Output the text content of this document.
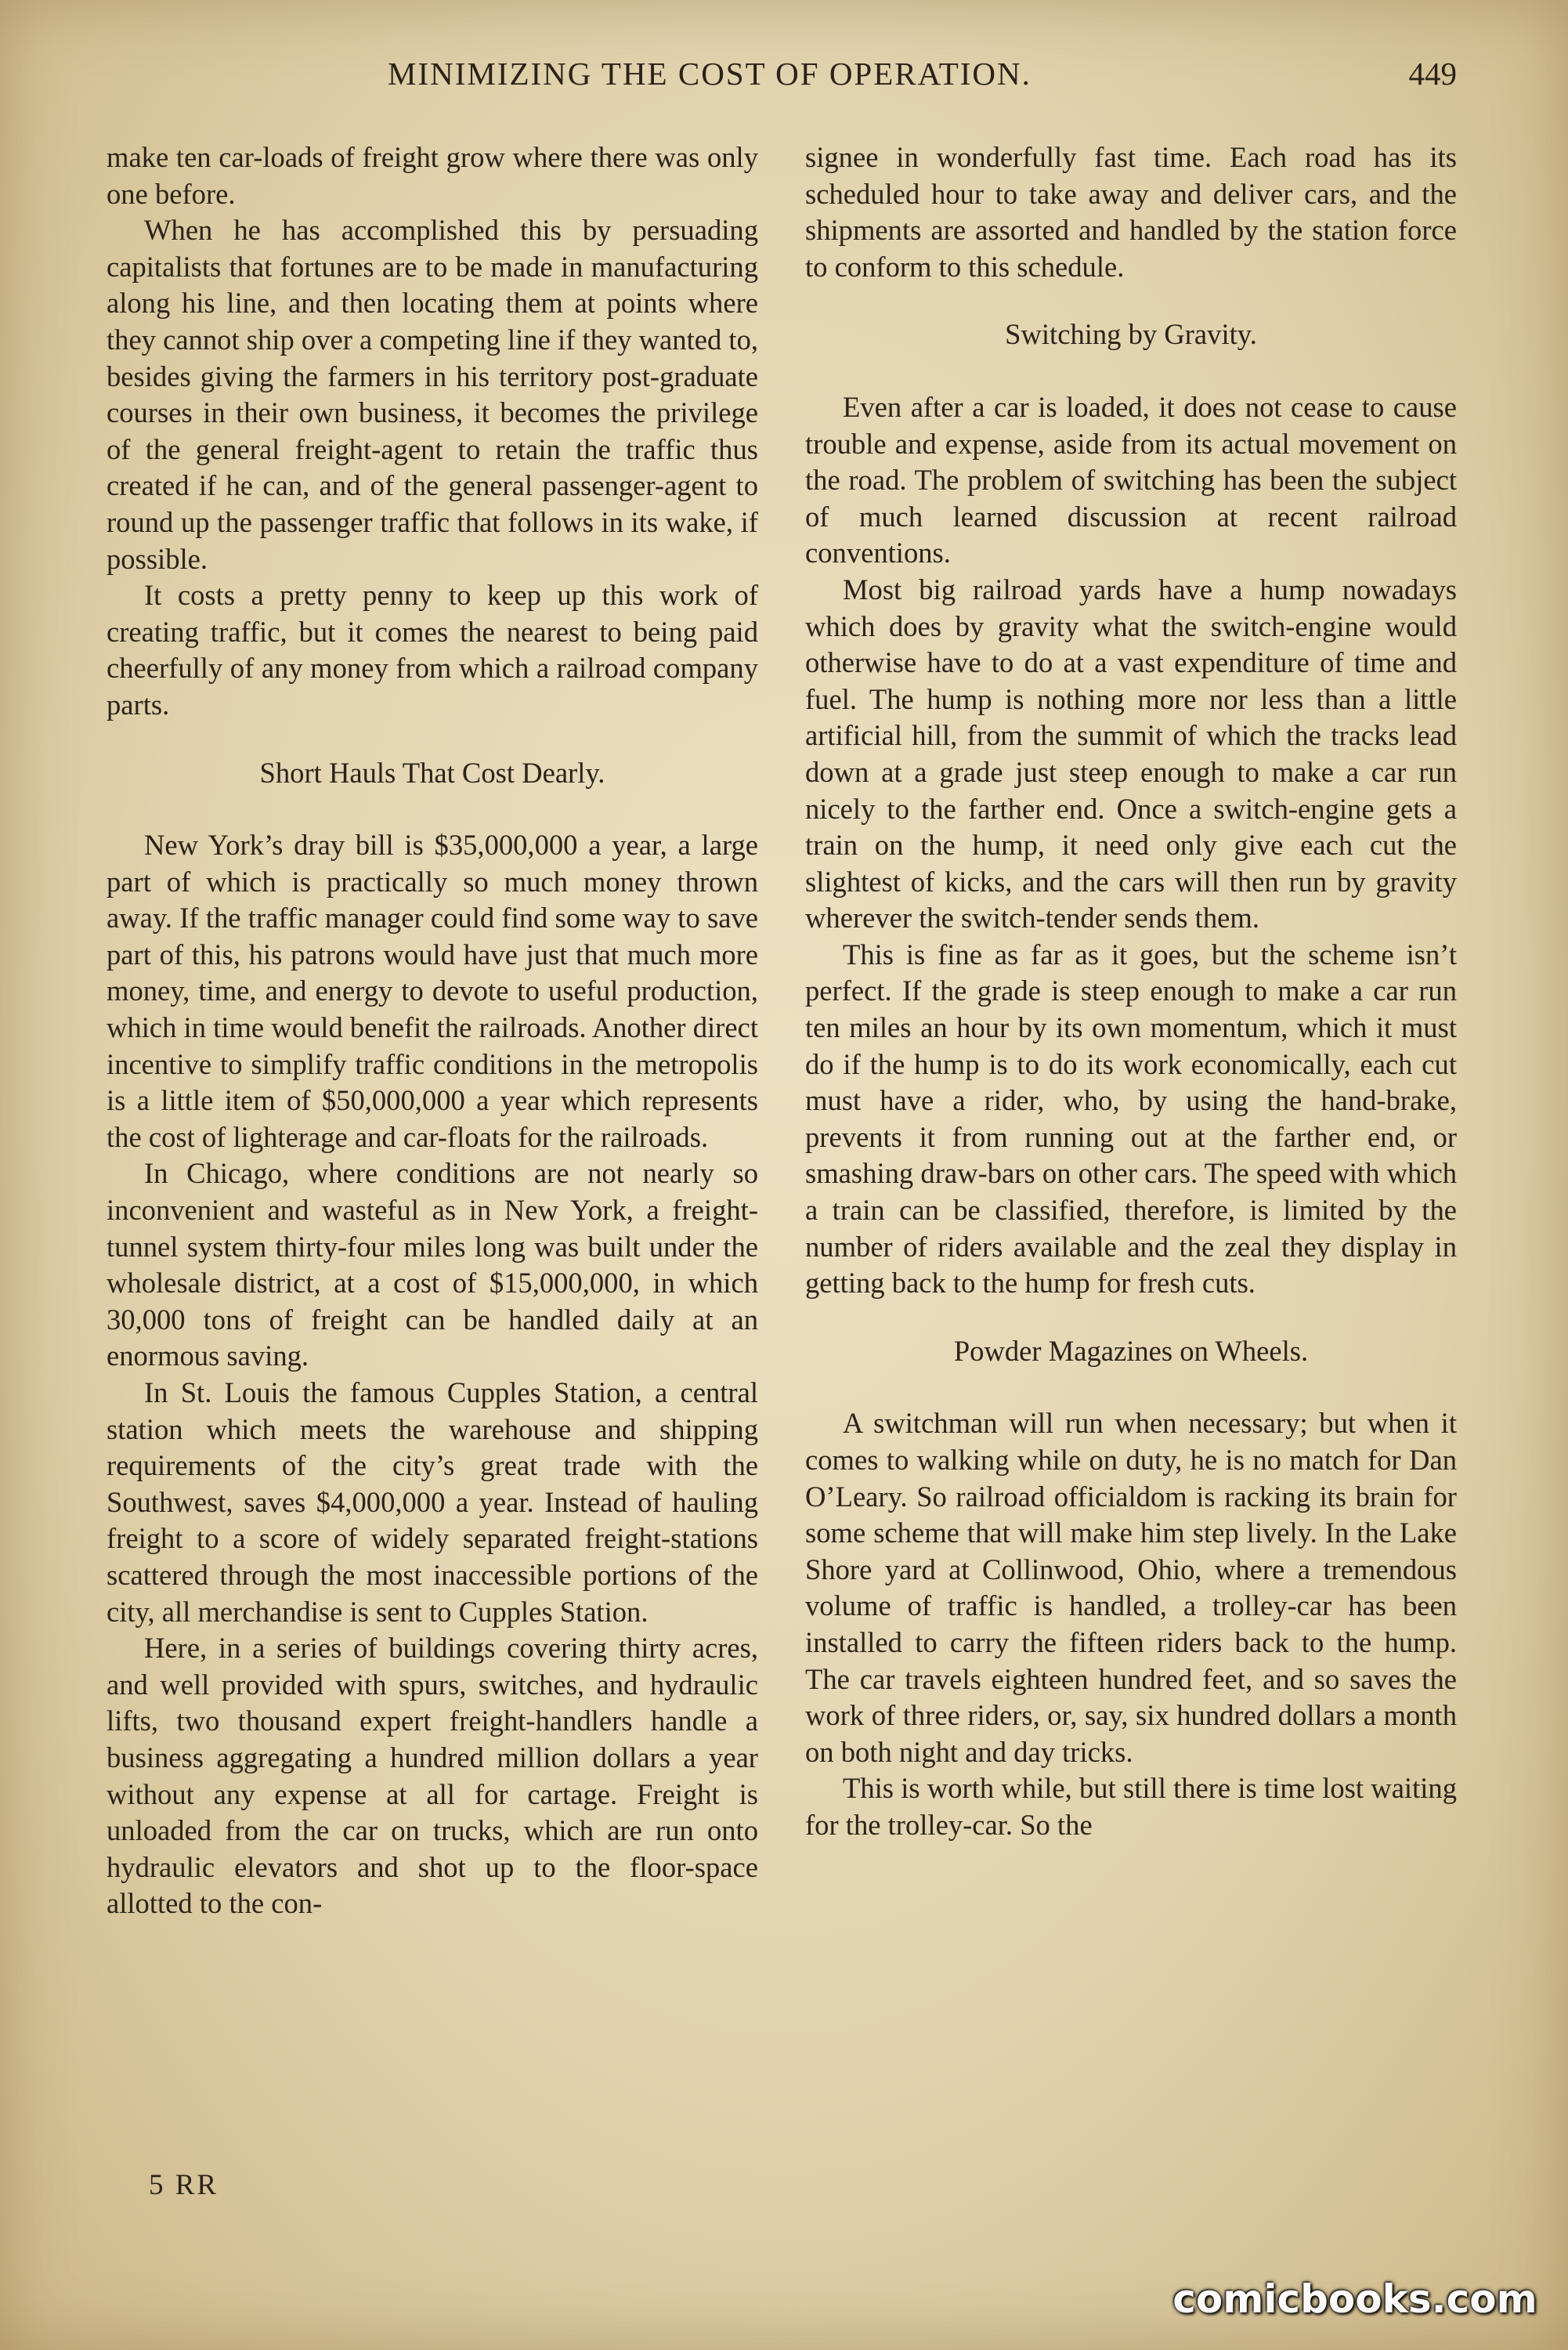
MINIMIZING THE COST OF OPERATION.	449

make ten car-loads of freight grow where there was only one before.

When he has accomplished this by persuading capitalists that fortunes are to be made in manufacturing along his line, and then locating them at points where they cannot ship over a competing line if they wanted to, besides giving the farmers in his territory post-graduate courses in their own business, it becomes the privilege of the general freight-agent to retain the traffic thus created if he can, and of the general passenger-agent to round up the passenger traffic that follows in its wake, if possible.

It costs a pretty penny to keep up this work of creating traffic, but it comes the nearest to being paid cheerfully of any money from which a railroad company parts.

Short Hauls That Cost Dearly.

New York’s dray bill is $35,000,000 a year, a large part of which is practically so much money thrown away. If the traffic manager could find some way to save part of this, his patrons would have just that much more money, time, and energy to devote to useful production, which in time would benefit the railroads. Another direct incentive to simplify traffic conditions in the metropolis is a little item of $50,000,000 a year which represents the cost of lighterage and car-floats for the railroads.

In Chicago, where conditions are not nearly so inconvenient and wasteful as in New York, a freight-tunnel system thirty-four miles long was built under the wholesale district, at a cost of $15,000,000, in which 30,000 tons of freight can be handled daily at an enormous saving.

In St. Louis the famous Cupples Station, a central station which meets the warehouse and shipping requirements of the city’s great trade with the Southwest, saves $4,000,000 a year. Instead of hauling freight to a score of widely separated freight-stations scattered through the most inaccessible portions of the city, all merchandise is sent to Cupples Station.

Here, in a series of buildings covering thirty acres, and well provided with spurs, switches, and hydraulic lifts, two thousand expert freight-handlers handle a business aggregating a hundred million dollars a year without any expense at all for cartage. Freight is unloaded from the car on trucks, which are run onto hydraulic elevators and shot up to the floor-space allotted to the con-

signee in wonderfully fast time. Each road has its scheduled hour to take away and deliver cars, and the shipments are assorted and handled by the station force to conform to this schedule.

Switching by Gravity.

Even after a car is loaded, it does not cease to cause trouble and expense, aside from its actual movement on the road. The problem of switching has been the subject of much learned discussion at recent railroad conventions.

Most big railroad yards have a hump nowadays which does by gravity what the switch-engine would otherwise have to do at a vast expenditure of time and fuel. The hump is nothing more nor less than a little artificial hill, from the summit of which the tracks lead down at a grade just steep enough to make a car run nicely to the farther end. Once a switch-engine gets a train on the hump, it need only give each cut the slightest of kicks, and the cars will then run by gravity wherever the switch-tender sends them.

This is fine as far as it goes, but the scheme isn’t perfect. If the grade is steep enough to make a car run ten miles an hour by its own momentum, which it must do if the hump is to do its work economically, each cut must have a rider, who, by using the hand-brake, prevents it from running out at the farther end, or smashing draw-bars on other cars. The speed with which a train can be classified, therefore, is limited by the number of riders available and the zeal they display in getting back to the hump for fresh cuts.

Powder Magazines on Wheels.

A switchman will run when necessary; but when it comes to walking while on duty, he is no match for Dan O’Leary. So railroad officialdom is racking its brain for some scheme that will make him step lively. In the Lake Shore yard at Collinwood, Ohio, where a tremendous volume of traffic is handled, a trolley-car has been installed to carry the fifteen riders back to the hump. The car travels eighteen hundred feet, and so saves the work of three riders, or, say, six hundred dollars a month on both night and day tricks.

This is worth while, but still there is time lost waiting for the trolley-car. So the

5 RR
comicbooks.com
